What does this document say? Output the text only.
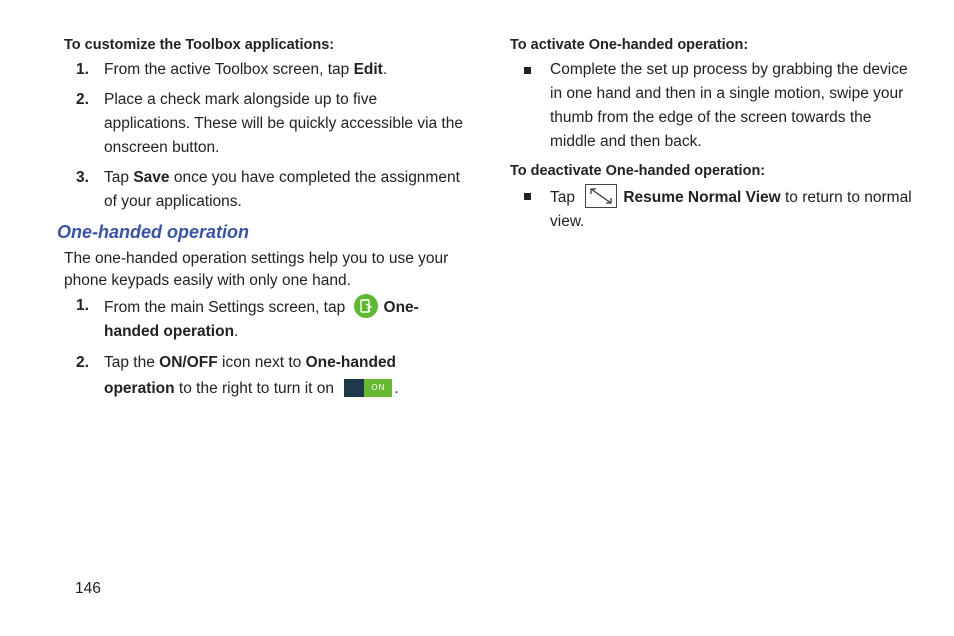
To customize the Toolbox applications:
1. From the active Toolbox screen, tap Edit.
2. Place a check mark alongside up to five applications. These will be quickly accessible via the onscreen button.
3. Tap Save once you have completed the assignment of your applications.
One-handed operation
The one-handed operation settings help you to use your phone keypads easily with only one hand.
1. From the main Settings screen, tap
One-handed operation.
2. Tap the ON/OFF icon next to One-handed operation to the right to turn it on	ON .
To activate One-handed operation:
Complete the set up process by grabbing the device in one hand and then in a single motion, swipe your thumb from the edge of the screen towards the middle and then back.
To deactivate One-handed operation:
Tap	Resume Normal View to return to normal view.
146
